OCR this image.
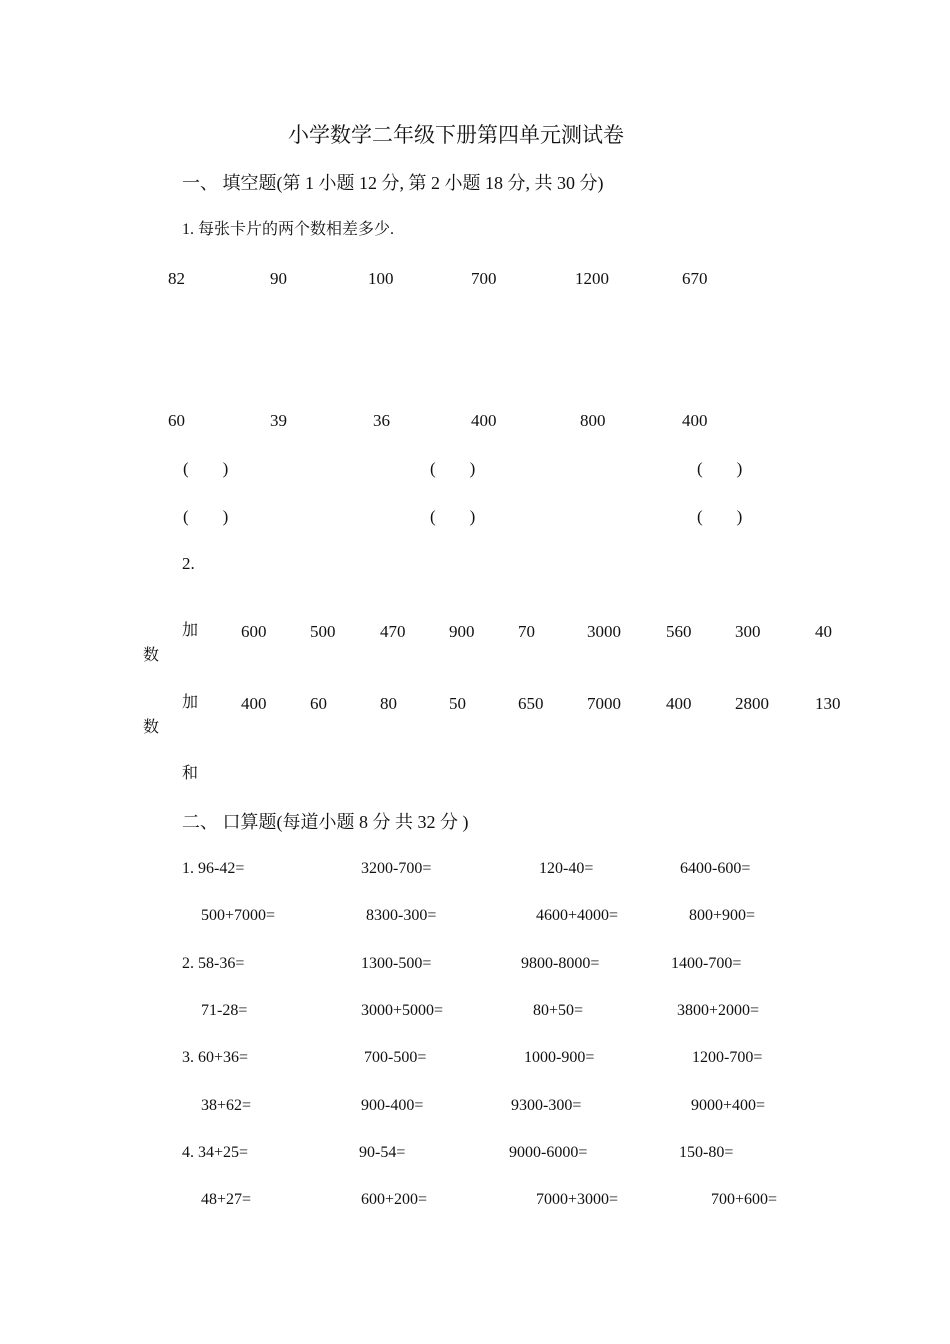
小学数学二年级下册第四单元测试卷
一、 填空题(第 1 小题 12 分, 第 2 小题 18 分, 共 30 分)
1. 每张卡片的两个数相差多少.
82	90	100	700	1200	670
60	39	36	400	800	400
( )	( )	( )
( )	( )	( )
2.
加
数
600	500	470	900	70	3000	560	300	40
加
数
400	60	80	50	650	7000	400	2800	130
和
二、 口算题(每道小题 8 分 共 32 分 )
1. 96-42=	3200-700=	120-40=	6400-600=
500+7000=	8300-300=	4600+4000=	800+900=
2. 58-36=	1300-500=	9800-8000=	1400-700=
71-28=	3000+5000=	80+50=	3800+2000=
3. 60+36=	700-500=	1000-900=	1200-700=
38+62=	900-400=	9300-300=	9000+400=
4. 34+25=	90-54=	9000-6000=	150-80=
48+27=	600+200=	7000+3000=	700+600=
